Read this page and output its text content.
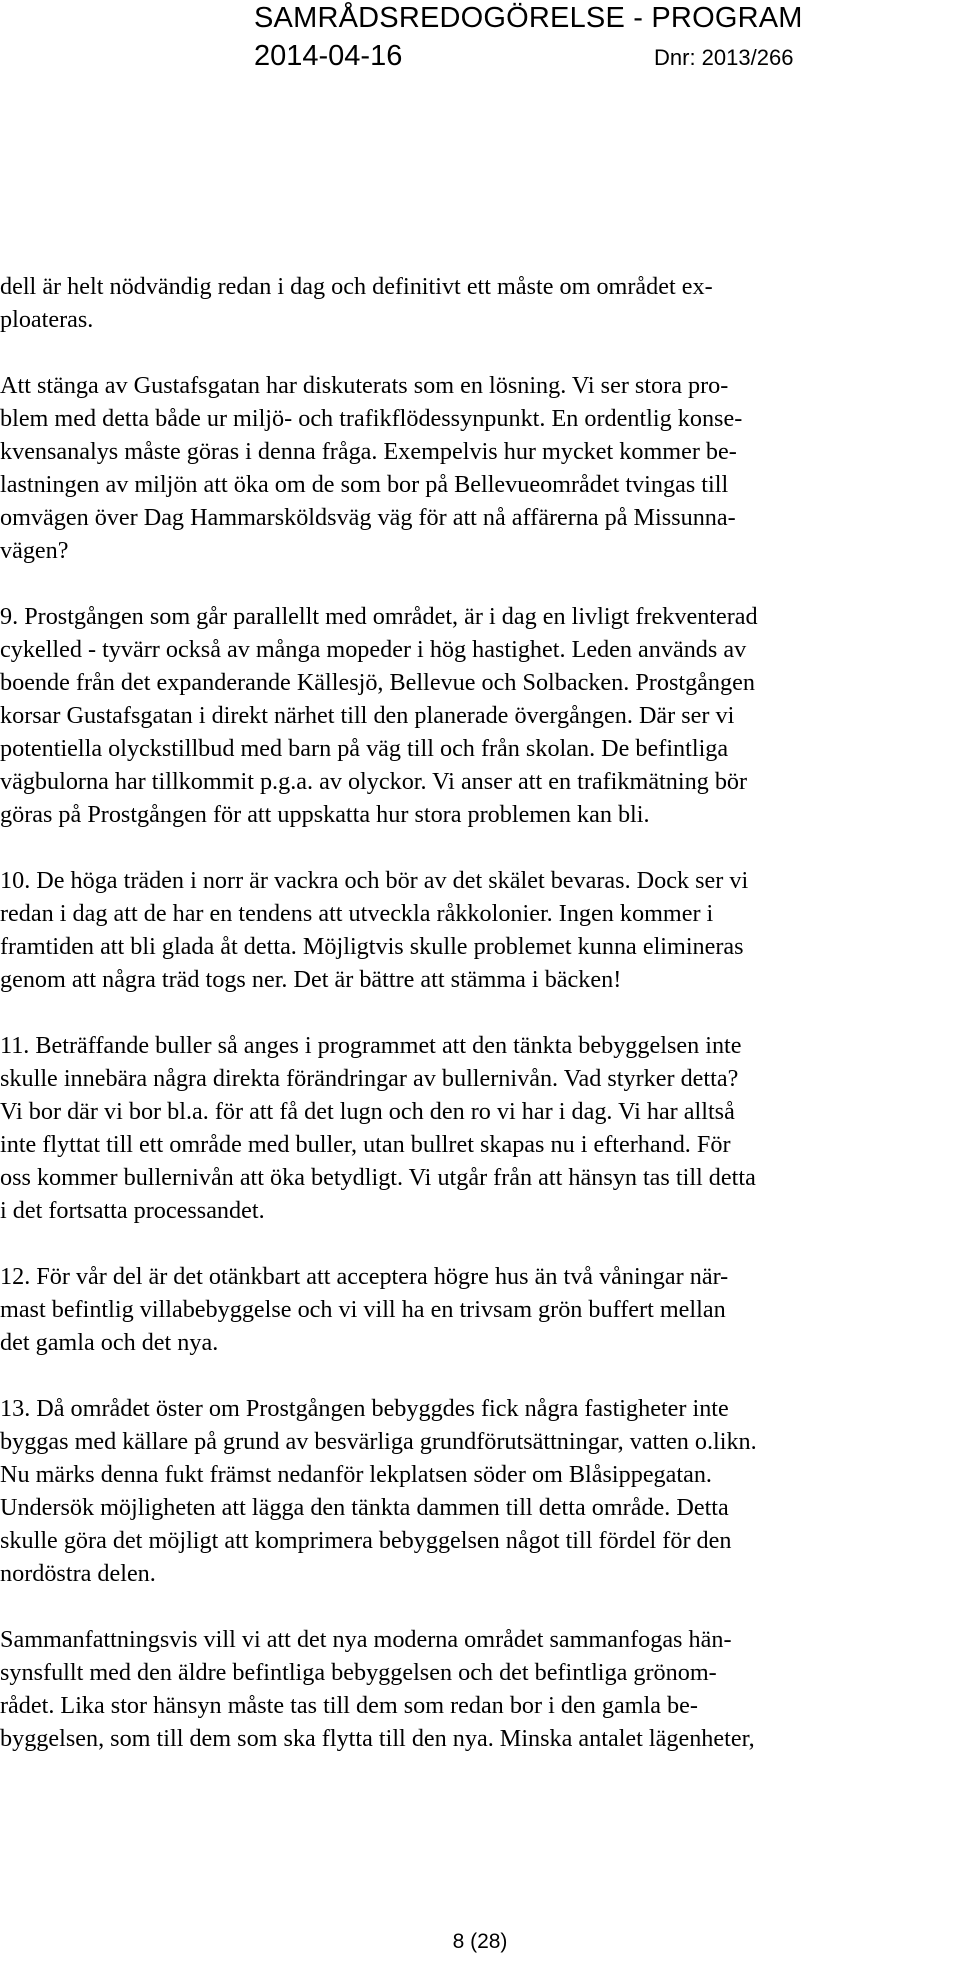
SAMRÅDSREDOGÖRELSE - PROGRAM
2014-04-16	Dnr: 2013/266

dell är helt nödvändig redan i dag och definitivt ett måste om området ex-
ploateras.

Att stänga av Gustafsgatan har diskuterats som en lösning. Vi ser stora pro-
blem med detta både ur miljö- och trafikflödessynpunkt. En ordentlig konse-
kvensanalys måste göras i denna fråga. Exempelvis hur mycket kommer be-
lastningen av miljön att öka om de som bor på Bellevueområdet tvingas till
omvägen över Dag Hammarsköldsväg väg för att nå affärerna på Missunna-
vägen?

9. Prostgången som går parallellt med området, är i dag en livligt frekventerad
cykelled - tyvärr också av många mopeder i hög hastighet. Leden används av
boende från det expanderande Källesjö, Bellevue och Solbacken. Prostgången
korsar Gustafsgatan i direkt närhet till den planerade övergången. Där ser vi
potentiella olyckstillbud med barn på väg till och från skolan. De befintliga
vägbulorna har tillkommit p.g.a. av olyckor. Vi anser att en trafikmätning bör
göras på Prostgången för att uppskatta hur stora problemen kan bli.

10. De höga träden i norr är vackra och bör av det skälet bevaras. Dock ser vi
redan i dag att de har en tendens att utveckla råkkolonier. Ingen kommer i
framtiden att bli glada åt detta. Möjligtvis skulle problemet kunna elimineras
genom att några träd togs ner. Det är bättre att stämma i bäcken!

11. Beträffande buller så anges i programmet att den tänkta bebyggelsen inte
skulle innebära några direkta förändringar av bullernivån. Vad styrker detta?
Vi bor där vi bor bl.a. för att få det lugn och den ro vi har i dag. Vi har alltså
inte flyttat till ett område med buller, utan bullret skapas nu i efterhand. För
oss kommer bullernivån att öka betydligt. Vi utgår från att hänsyn tas till detta
i det fortsatta processandet.

12. För vår del är det otänkbart att acceptera högre hus än två våningar när-
mast befintlig villabebyggelse och vi vill ha en trivsam grön buffert mellan
det gamla och det nya.

13. Då området öster om Prostgången bebyggdes fick några fastigheter inte
byggas med källare på grund av besvärliga grundförutsättningar, vatten o.likn.
Nu märks denna fukt främst nedanför lekplatsen söder om Blåsippegatan.
Undersök möjligheten att lägga den tänkta dammen till detta område. Detta
skulle göra det möjligt att komprimera bebyggelsen något till fördel för den
nordöstra delen.

Sammanfattningsvis vill vi att det nya moderna området sammanfogas hän-
synsfullt med den äldre befintliga bebyggelsen och det befintliga grönom-
rådet. Lika stor hänsyn måste tas till dem som redan bor i den gamla be-
byggelsen, som till dem som ska flytta till den nya. Minska antalet lägenheter,

8 (28)
